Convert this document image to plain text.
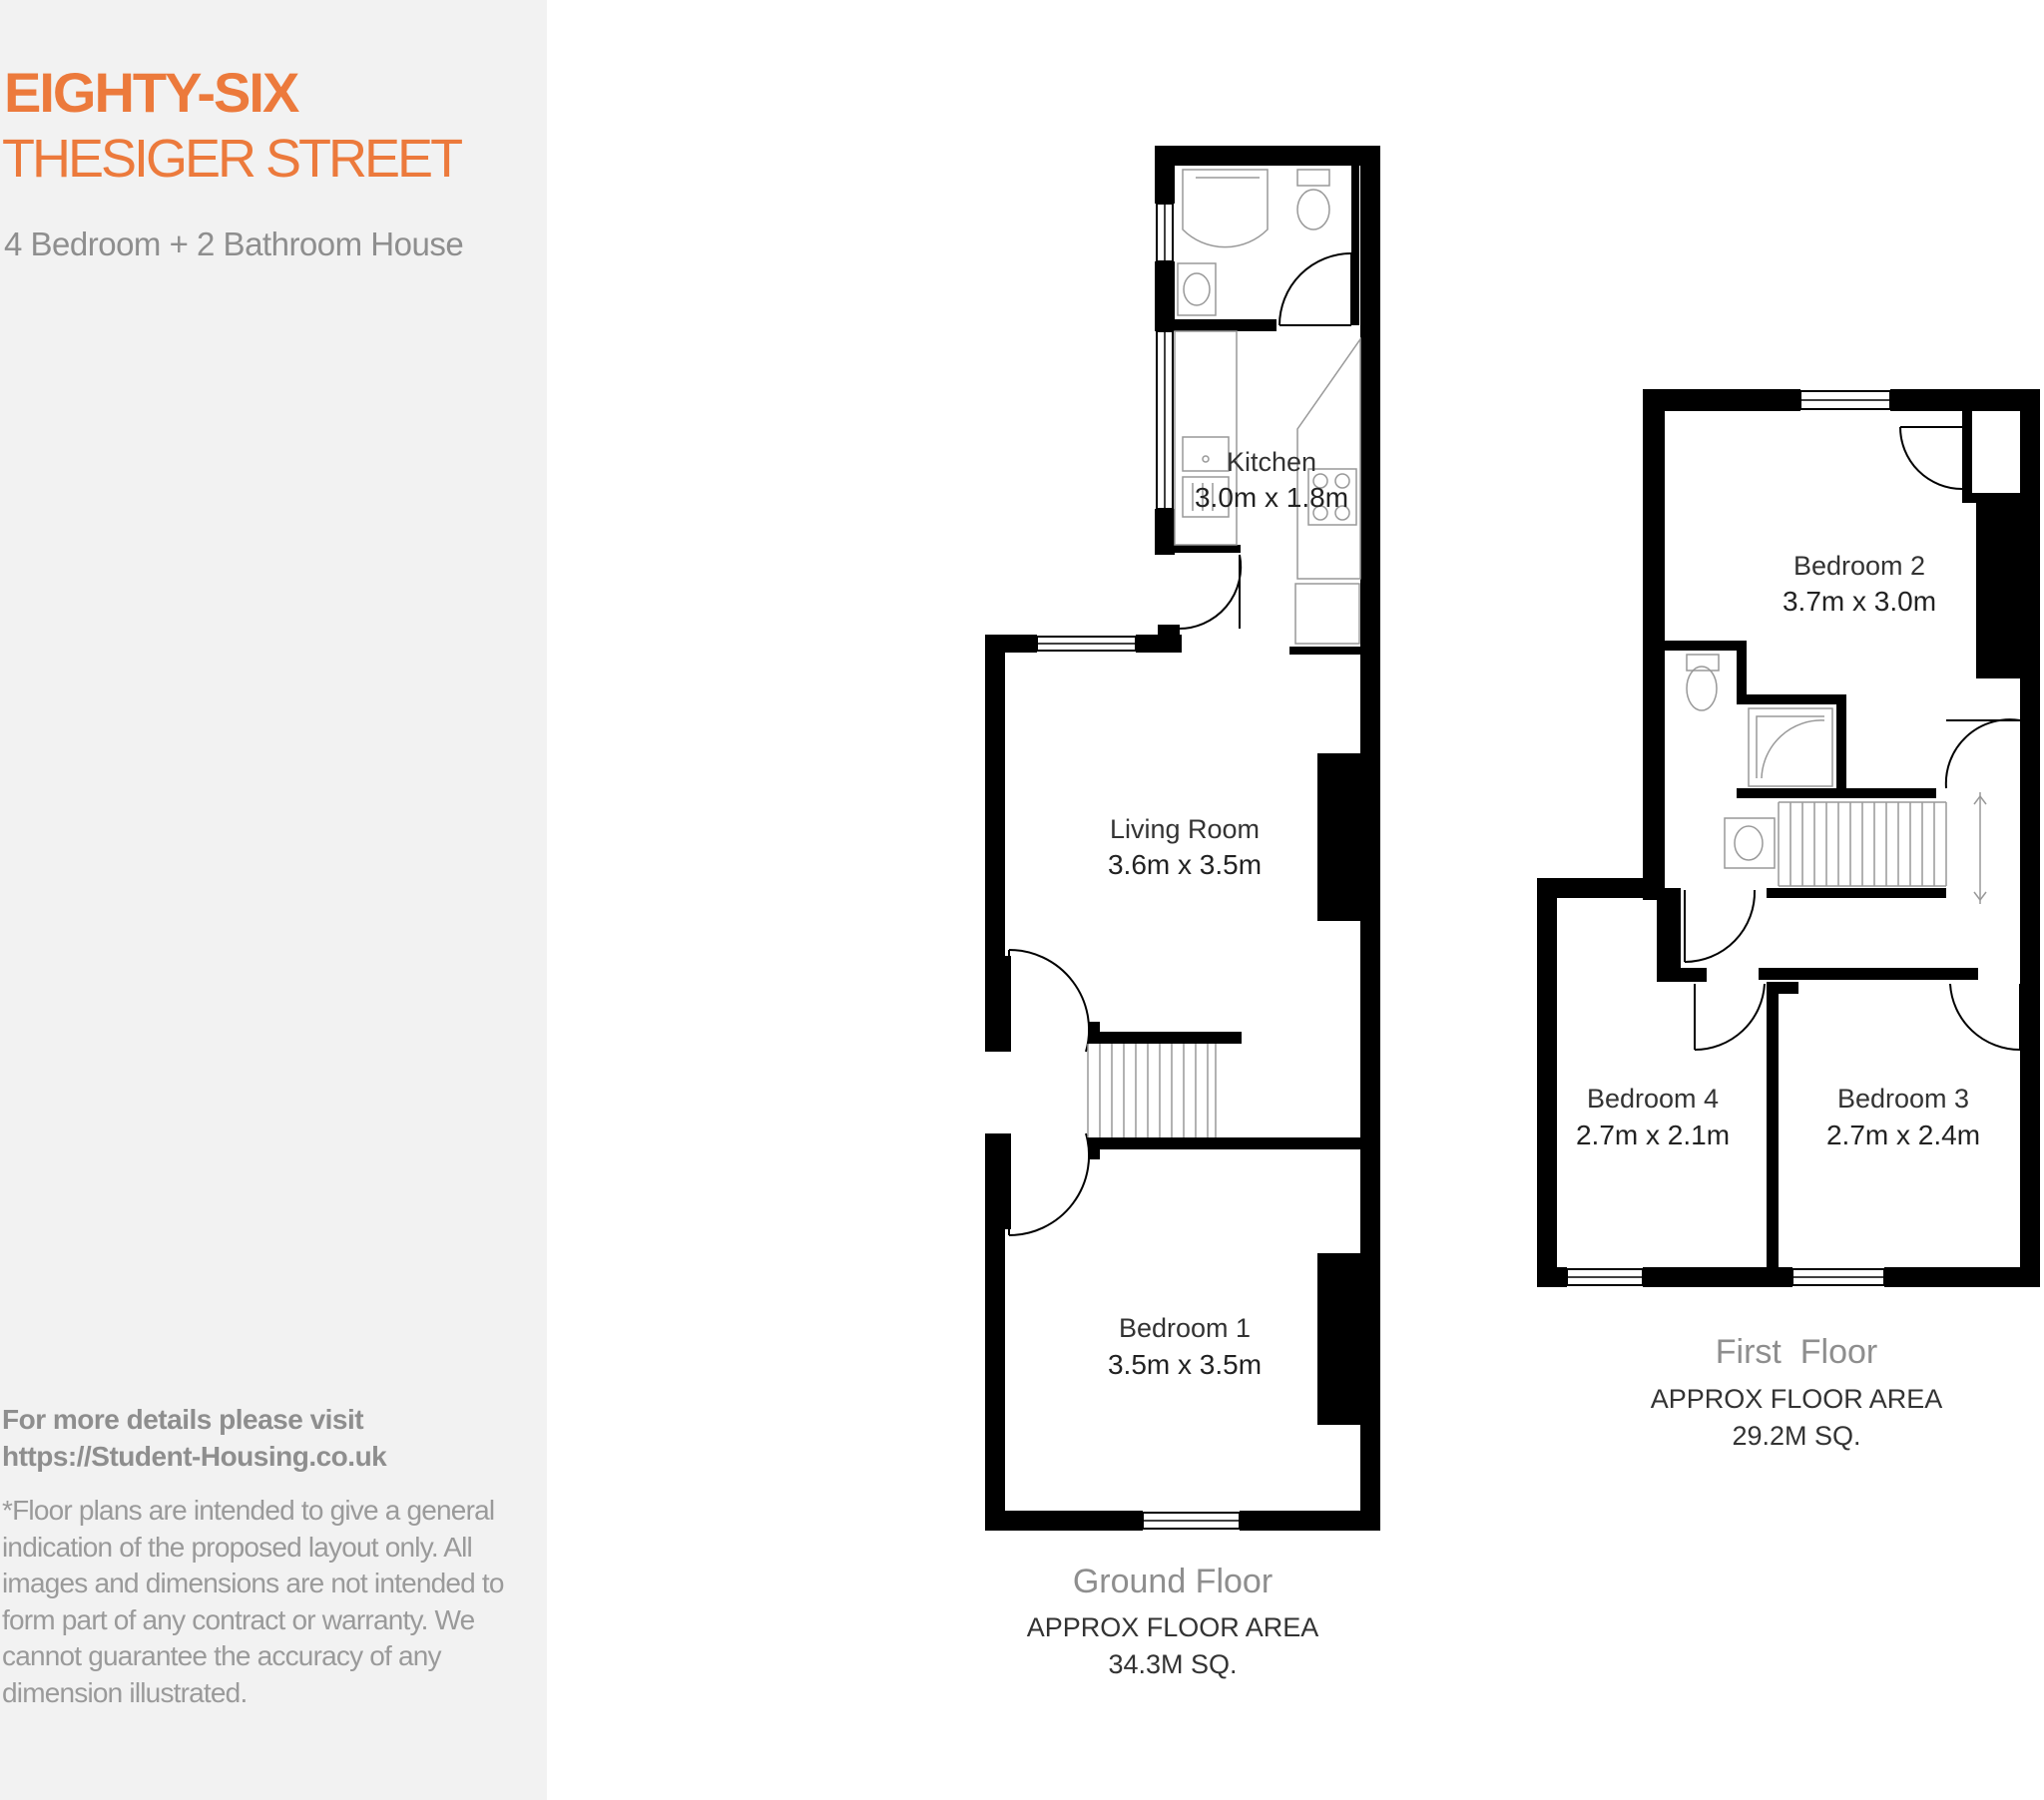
EIGHTY-SIX
THESIGER STREET
4 Bedroom + 2 Bathroom House
For more details please visit
https://Student-Housing.co.uk
*Floor plans are intended to give a general indication of the proposed layout only. All images and dimensions are not intended to form part of any contract or warranty. We cannot guarantee the accuracy of any dimension illustrated.
Kitchen
3.0m x 1.8m
Living Room
3.6m x 3.5m
Bedroom 1
3.5m x 3.5m
Ground Floor
APPROX FLOOR AREA
34.3M SQ.
Bedroom 2
3.7m x 3.0m
Bedroom 4
2.7m x 2.1m
Bedroom 3
2.7m x 2.4m
First  Floor
APPROX FLOOR AREA
29.2M SQ.
